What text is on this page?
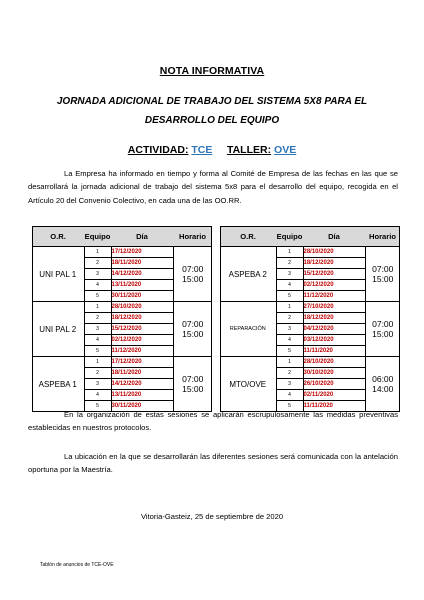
NOTA INFORMATIVA
JORNADA ADICIONAL DE TRABAJO DEL SISTEMA 5X8 PARA EL
DESARROLLO DEL EQUIPO
ACTIVIDAD: TCE TALLER: OVE
La Empresa ha informado en tiempo y forma al Comité de Empresa de las fechas en las que se desarrollará la jornada adicional de trabajo del sistema 5x8 para el desarrollo del equipo, recogida en el Artículo 20 del Convenio Colectivo, en cada una de las OO.RR.
O.R.	Equipo	Día	Horario
UNI PAL 1	1	17/12/2020	07:00
15:00

	2	18/11/2020	
	3	14/12/2020	
	4	13/11/2020	
	5	30/11/2020	
UNI PAL 2	1	28/10/2020	07:00
15:00

	2	18/12/2020	
	3	15/12/2020	
	4	02/12/2020	
	5	11/12/2020	
ASPEBA 1	1	17/12/2020	07:00
15:00

	2	18/11/2020	
	3	14/12/2020	
	4	13/11/2020	
	5	30/11/2020	
O.R.	Equipo	Día	Horario
ASPEBA 2	1	28/10/2020	07:00
15:00

	2	18/12/2020	
	3	15/12/2020	
	4	02/12/2020	
	5	11/12/2020	
REPARACIÓN	1	27/10/2020	07:00
15:00

	2	18/12/2020	
	3	04/12/2020	
	4	03/12/2020	
	5	11/11/2020	
MTO/OVE	1	28/10/2020	06:00
14:00

	2	30/10/2020	
	3	26/10/2020	
	4	02/11/2020	
	5	11/11/2020	
En la organización de estas sesiones se aplicarán escrupulosamente las medidas preventivas establecidas en nuestros protocolos.
La ubicación en la que se desarrollarán las diferentes sesiones será comunicada con la antelación oportuna por la Maestría.
Vitoria-Gasteiz, 25 de septiembre de 2020
Tablón de anuncios de TCE-OVE
